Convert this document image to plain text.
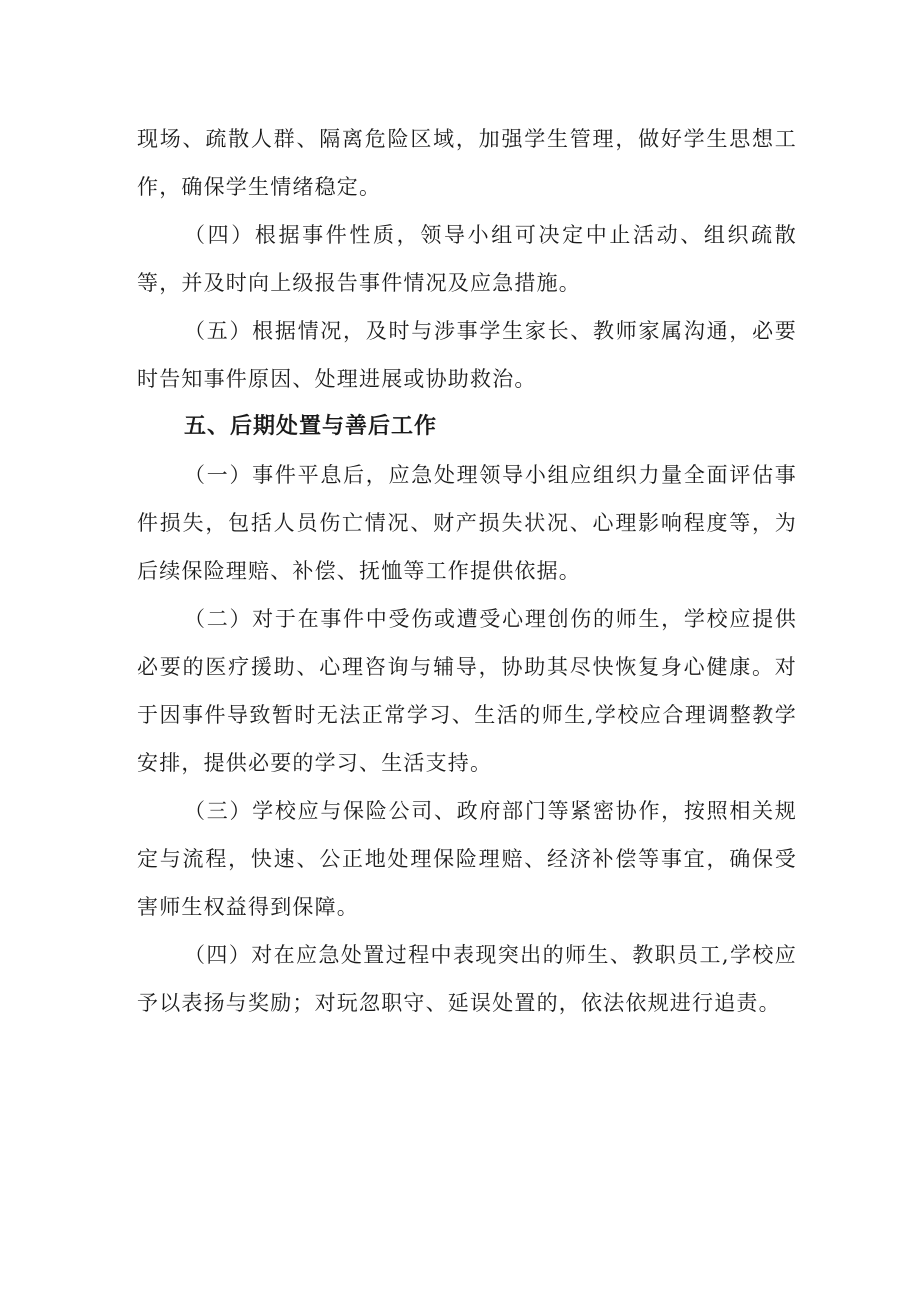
现场、疏散人群、隔离危险区域，加强学生管理，做好学生思想工作，确保学生情绪稳定。

（四）根据事件性质，领导小组可决定中止活动、组织疏散等，并及时向上级报告事件情况及应急措施。

（五）根据情况，及时与涉事学生家长、教师家属沟通，必要时告知事件原因、处理进展或协助救治。

五、后期处置与善后工作

（一）事件平息后，应急处理领导小组应组织力量全面评估事件损失，包括人员伤亡情况、财产损失状况、心理影响程度等，为后续保险理赔、补偿、抚恤等工作提供依据。

（二）对于在事件中受伤或遭受心理创伤的师生，学校应提供必要的医疗援助、心理咨询与辅导，协助其尽快恢复身心健康。对于因事件导致暂时无法正常学习、生活的师生,学校应合理调整教学安排，提供必要的学习、生活支持。

（三）学校应与保险公司、政府部门等紧密协作，按照相关规定与流程，快速、公正地处理保险理赔、经济补偿等事宜，确保受害师生权益得到保障。

（四）对在应急处置过程中表现突出的师生、教职员工,学校应予以表扬与奖励；对玩忽职守、延误处置的，依法依规进行追责。
